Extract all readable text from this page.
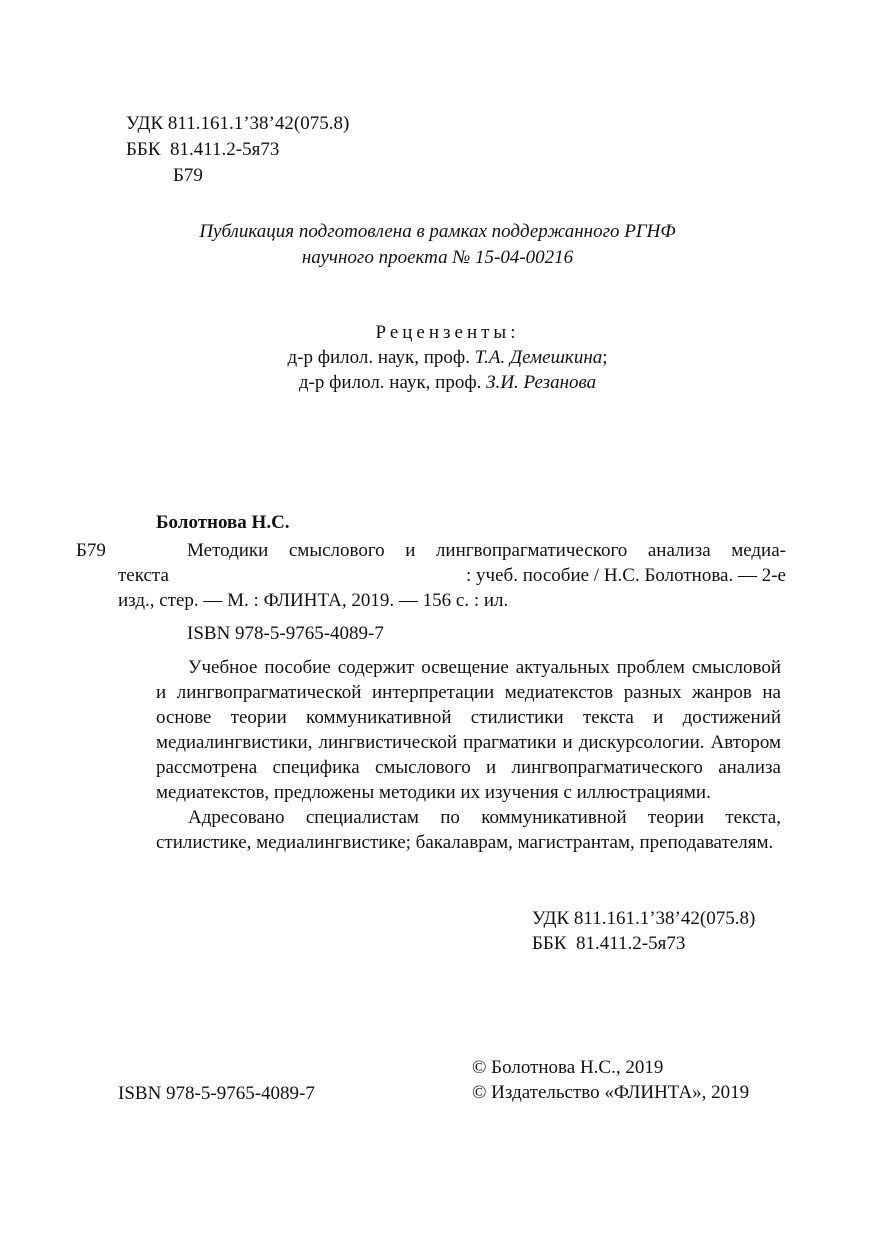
УДК 811.161.1’38’42(075.8)
ББК  81.411.2-5я73
Б79
Публикация подготовлена в рамках поддержанного РГНФ
научного проекта № 15-04-00216
Рецензенты:
д-р филол. наук, проф. Т.А. Демешкина;
д-р филол. наук, проф. З.И. Резанова
Болотнова Н.С.
Б79	Методики смыслового и лингвопрагматического анализа медиа-
текста	: учеб. пособие / Н.С. Болотнова. — 2-е
изд., стер. — М. : ФЛИНТА, 2019. — 156 с. : ил.
ISBN 978-5-9765-4089-7

Учебное пособие содержит освещение актуальных проблем смысловой и лингвопрагматической интерпретации медиатекстов разных жанров на основе теории коммуникативной стилистики текста и достижений медиалингвистики, лингвистической прагматики и дискурсологии. Автором рассмотрена специфика смыслового и лингвопрагматического анализа медиатекстов, предложены методики их изучения с иллюстрациями.

Адресовано специалистам по коммуникативной теории текста, стилистике, медиалингвистике; бакалаврам, магистрантам, преподавателям.

УДК 811.161.1’38’42(075.8)
ББК  81.411.2-5я73
ISBN 978-5-9765-4089-7
© Болотнова Н.С., 2019
© Издательство «ФЛИНТА», 2019
